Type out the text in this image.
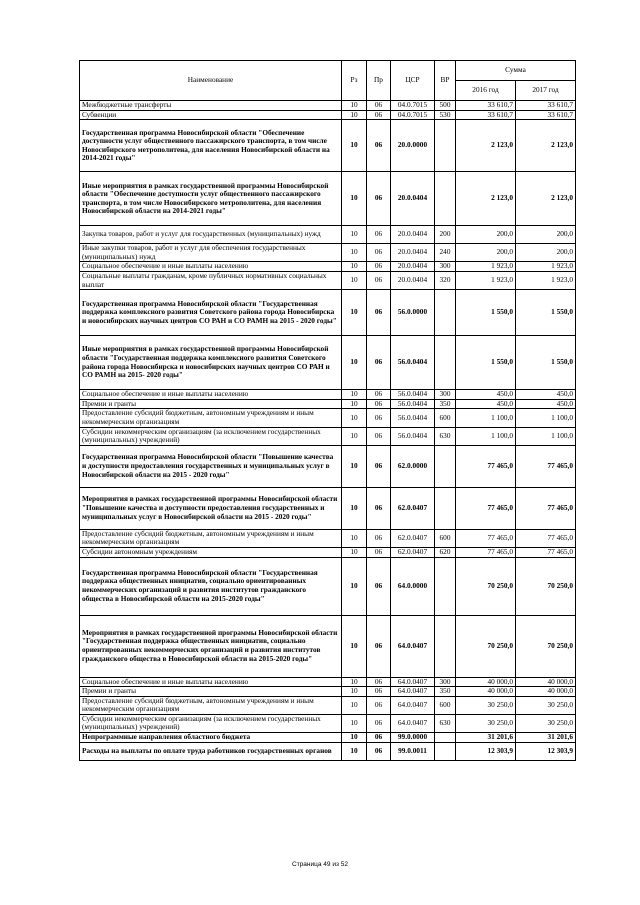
Наименование	Рз	Пр	ЦСР	ВР	Сумма	
					2016 год	2017 год
Межбюджетные трансферты	10	06	04.0.7015	500	33 610,7	33 610,7
Субвенции	10	06	04.0.7015	530	33 610,7	33 610,7
Государственная программа Новосибирской области "Обеспечение доступности услуг общественного пассажирского транспорта, в том числе Новосибирского метрополитена, для населения Новосибирской области на 2014-2021 годы"	10	06	20.0.0000		2 123,0	2 123,0
Иные мероприятия в рамках государственной программы Новосибирской области "Обеспечение доступности услуг общественного пассажирского транспорта, в том числе Новосибирского метрополитена, для населения Новосибирской области на 2014-2021 годы"	10	06	20.0.0404		2 123,0	2 123,0
Закупка товаров, работ и услуг для государственных (муниципальных) нужд	10	06	20.0.0404	200	200,0	200,0
Иные закупки товаров, работ и услуг для обеспечения государственных (муниципальных) нужд	10	06	20.0.0404	240	200,0	200,0
Социальное обеспечение и иные выплаты населению	10	06	20.0.0404	300	1 923,0	1 923,0
Социальные выплаты гражданам, кроме публичных нормативных социальных выплат	10	06	20.0.0404	320	1 923,0	1 923,0
Государственная программа Новосибирской области "Государственная поддержка комплексного развития Советского района города Новосибирска и новосибирских научных центров СО РАН и СО РАМН на 2015 - 2020 годы"	10	06	56.0.0000		1 550,0	1 550,0
Иные мероприятия в рамках государственной программы Новосибирской области "Государственная поддержка комплексного развития Советского района города Новосибирска и новосибирских научных центров СО РАН и СО РАМН на 2015- 2020 годы"	10	06	56.0.0404		1 550,0	1 550,0
Социальное обеспечение и иные выплаты населению	10	06	56.0.0404	300	450,0	450,0
Премии и гранты	10	06	56.0.0404	350	450,0	450,0
Предоставление субсидий бюджетным, автономным учреждениям и иным некоммерческим организациям	10	06	56.0.0404	600	1 100,0	1 100,0
Субсидии некоммерческим организациям (за исключением государственных (муниципальных) учреждений)	10	06	56.0.0404	630	1 100,0	1 100,0
Государственная программа Новосибирской области "Повышение качества и доступности предоставления государственных и муниципальных услуг в Новосибирской области на 2015 - 2020 годы"	10	06	62.0.0000		77 465,0	77 465,0
Мероприятия в рамках государственной программы Новосибирской области "Повышение качества и доступности предоставления государственных и муниципальных услуг в Новосибирской области на 2015 - 2020 годы"	10	06	62.0.0407		77 465,0	77 465,0
Предоставление субсидий бюджетным, автономным учреждениям и иным некоммерческим организациям	10	06	62.0.0407	600	77 465,0	77 465,0
Субсидии автономным учреждениям	10	06	62.0.0407	620	77 465,0	77 465,0
Государственная программа Новосибирской области "Государственная поддержка общественных инициатив, социально ориентированных некоммерческих организаций и развития институтов гражданского общества в Новосибирской области на 2015-2020 годы"	10	06	64.0.0000		70 250,0	70 250,0
Мероприятия в рамках государственной программы Новосибирской области "Государственная поддержка общественных инициатив, социально ориентированных некоммерческих организаций и развития институтов гражданского общества в Новосибирской области на 2015-2020 годы"	10	06	64.0.0407		70 250,0	70 250,0
Социальное обеспечение и иные выплаты населению	10	06	64.0.0407	300	40 000,0	40 000,0
Премии и гранты	10	06	64.0.0407	350	40 000,0	40 000,0
Предоставление субсидий бюджетным, автономным учреждениям и иным некоммерческим организациям	10	06	64.0.0407	600	30 250,0	30 250,0
Субсидии некоммерческим организациям (за исключением государственных (муниципальных) учреждений)	10	06	64.0.0407	630	30 250,0	30 250,0
Непрограммные направления областного бюджета	10	06	99.0.0000		31 201,6	31 201,6
Расходы на выплаты по оплате труда работников государственных органов	10	06	99.0.0011		12 303,9	12 303,9
Страница 49 из 52
